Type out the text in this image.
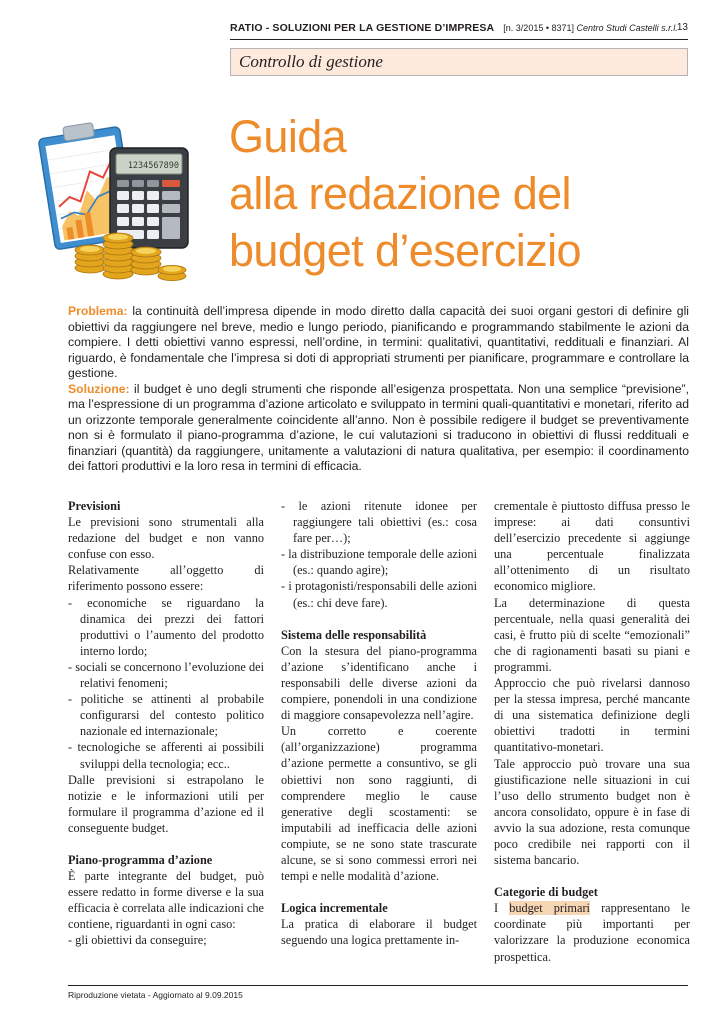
RATIO - SOLUZIONI PER LA GESTIONE D’IMPRESA [n. 3/2015 • 8371] Centro Studi Castelli s.r.l. 13
Controllo di gestione
1234567890
Guida
alla redazione del
budget d’esercizio

Problema: la continuità dell’impresa dipende in modo diretto dalla capacità dei suoi organi gestori di definire gli obiettivi da raggiungere nel breve, medio e lungo periodo, pianificando e programmando stabilmente le azioni da compiere. I detti obiettivi vanno espressi, nell’ordine, in termini: qualitativi, quantitativi, reddituali e finanziari. Al riguardo, è fondamentale che l’impresa si doti di appropriati strumenti per pianificare, programmare e controllare la gestione.

Soluzione: il budget è uno degli strumenti che risponde all’esigenza prospettata. Non una semplice “previsione”, ma l’espressione di un programma d’azione articolato e sviluppato in termini quali-quantitativi e monetari, riferito ad un orizzonte temporale generalmente coincidente all’anno. Non è possibile redigere il budget se preventivamente non si è formulato il piano-programma d’azione, le cui valutazioni si traducono in obiettivi di flussi reddituali e finanziari (quantità) da raggiungere, unitamente a valutazioni di natura qualitativa, per esempio: il coordinamento dei fattori produttivi e la loro resa in termini di efficacia.

Previsioni

Le previsioni sono strumentali alla redazione del budget e non vanno confuse con esso.

Relativamente all’oggetto di riferimento possono essere:

- economiche se riguardano la dinamica dei prezzi dei fattori produttivi o l’aumento del prodotto interno lordo;

- sociali se concernono l’evoluzione dei relativi fenomeni;

- politiche se attinenti al probabile configurarsi del contesto politico nazionale ed internazionale;

- tecnologiche se afferenti ai possibili sviluppi della tecnologia; ecc..

Dalle previsioni si estrapolano le notizie e le informazioni utili per formulare il programma d’azione ed il conseguente budget.

Piano-programma d’azione

È parte integrante del budget, può essere redatto in forme diverse e la sua efficacia è correlata alle indicazioni che contiene, riguardanti in ogni caso:

- gli obiettivi da conseguire;

- le azioni ritenute idonee per raggiungere tali obiettivi (es.: cosa fare per…);

- la distribuzione temporale delle azioni (es.: quando agire);

- i protagonisti/responsabili delle azioni (es.: chi deve fare).

Sistema delle responsabilità

Con la stesura del piano-programma d’azione s’identificano anche i responsabili delle diverse azioni da compiere, ponendoli in una condizione di maggiore consapevolezza nell’agire.

Un corretto e coerente (all’organizzazione) programma d’azione permette a consuntivo, se gli obiettivi non sono raggiunti, di comprendere meglio le cause generative degli scostamenti: se imputabili ad inefficacia delle azioni compiute, se ne sono state trascurate alcune, se si sono commessi errori nei tempi e nelle modalità d’azione.

Logica incrementale

La pratica di elaborare il budget seguendo una logica prettamente in-

crementale è piuttosto diffusa presso le imprese: ai dati consuntivi dell’esercizio precedente si aggiunge una percentuale finalizzata all’ottenimento di un risultato economico migliore.

La determinazione di questa percentuale, nella quasi generalità dei casi, è frutto più di scelte “emozionali” che di ragionamenti basati su piani e programmi.

Approccio che può rivelarsi dannoso per la stessa impresa, perché mancante di una sistematica definizione degli obiettivi tradotti in termini quantitativo-monetari.

Tale approccio può trovare una sua giustificazione nelle situazioni in cui l’uso dello strumento budget non è ancora consolidato, oppure è in fase di avvio la sua adozione, resta comunque poco credibile nei rapporti con il sistema bancario.

Categorie di budget

I budget primari rappresentano le coordinate più importanti per valorizzare la produzione economica prospettica.

Riproduzione vietata - Aggiornato al 9.09.2015
